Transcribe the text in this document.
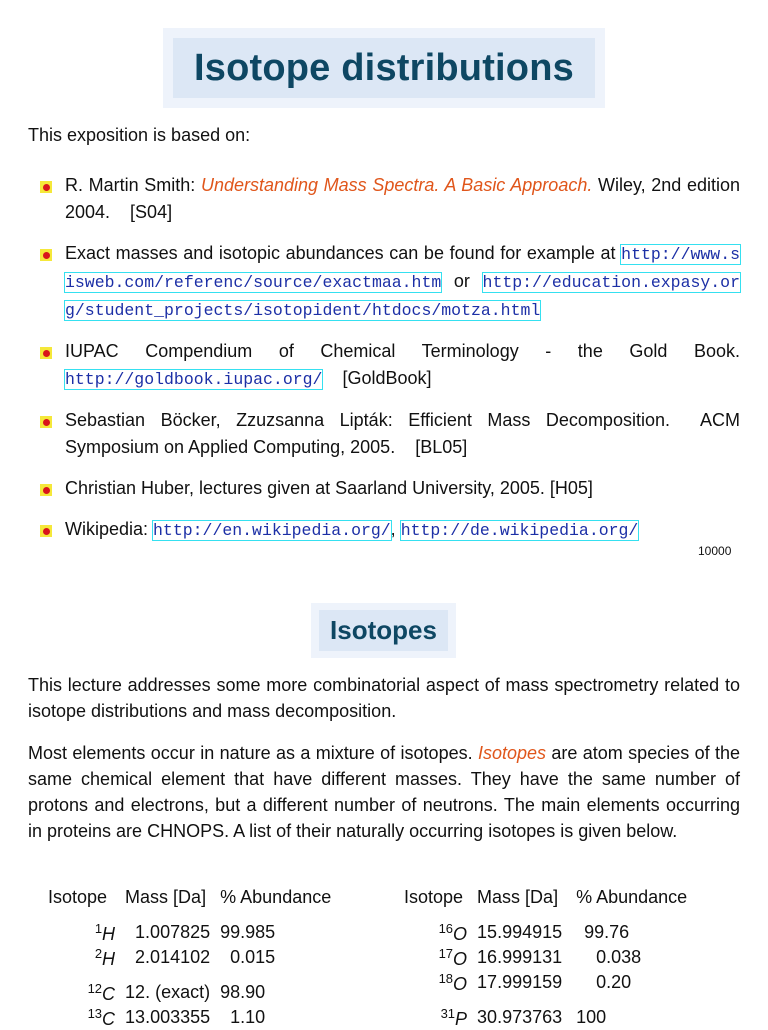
Isotope distributions
This exposition is based on:
R. Martin Smith: Understanding Mass Spectra. A Basic Approach. Wiley, 2nd edition 2004.    [S04]
Exact masses and isotopic abundances can be found for example at http://www.sisweb.com/referenc/source/exactmaa.htm or http://education.expasy.org/student_projects/isotopident/htdocs/motza.html
IUPAC Compendium of Chemical Terminology - the Gold Book.  http://goldbook.iupac.org/    [GoldBook]
Sebastian Böcker, Zzuzsanna Lipták: Efficient Mass Decomposition.  ACM Symposium on Applied Computing, 2005.    [BL05]
Christian Huber, lectures given at Saarland University, 2005. [H05]
Wikipedia: http://en.wikipedia.org/, http://de.wikipedia.org/
10000
Isotopes
This lecture addresses some more combinatorial aspect of mass spectrometry related to isotope distributions and mass decomposition.
Most elements occur in nature as a mixture of isotopes. Isotopes are atom species of the same chemical element that have different masses. They have the same number of protons and electrons, but a different number of neutrons. The main elements occurring in proteins are CHNOPS. A list of their naturally occurring isotopes is given below.
Isotope	Mass [Da]	% Abundance

$^1$H	1.007825	99.985
$^2$H	2.014102	0.015

$^{12}$C	12. (exact)	98.90
$^{13}$C	13.003355	1.10
Isotope	Mass [Da]	% Abundance

$^{16}$O	15.994915	99.76
$^{17}$O	16.999131	0.038
$^{18}$O	17.999159	0.20

$^{31}$P	30.973763	100
